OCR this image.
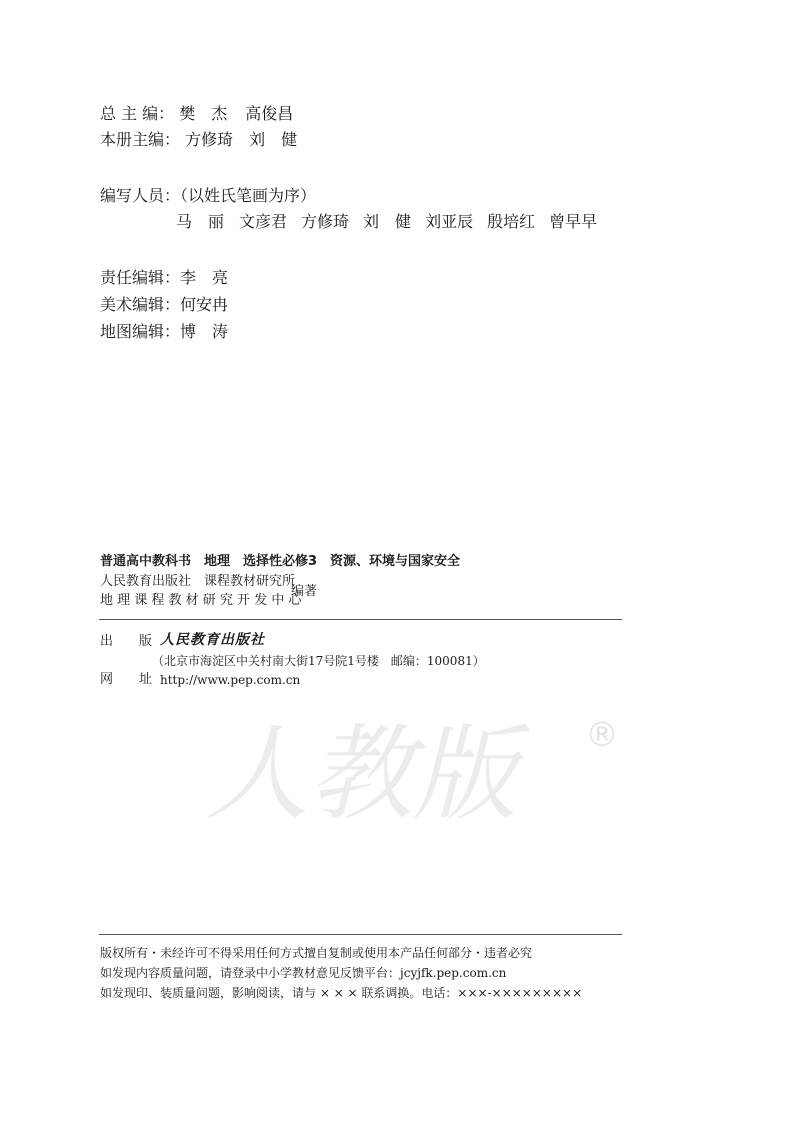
总 主 编： 樊　杰 高俊昌
本册主编： 方修琦 刘　健
编写人员：（以姓氏笔画为序）
马　丽 文彦君 方修琦 刘　健 刘亚辰 殷培红 曾早早
责任编辑：李　亮
美术编辑：何安冉
地图编辑：博　涛
普通高中教科书　地理　选择性必修3　资源、环境与国家安全
人民教育出版社　课程教材研究所
地 理 课 程 教 材 研 究 开 发 中 心
编著
出　　版 人民教育出版社
（北京市海淀区中关村南大街17号院1号楼　邮编：100081）
网　　址 http://www.pep.com.cn
人教版	®
版权所有・未经许可不得采用任何方式擅自复制或使用本产品任何部分・违者必究
如发现内容质量问题，请登录中小学教材意见反馈平台：jcyjfk.pep.com.cn
如发现印、装质量问题，影响阅读，请与 × × × 联系调换。电话：×××-×××××××××
